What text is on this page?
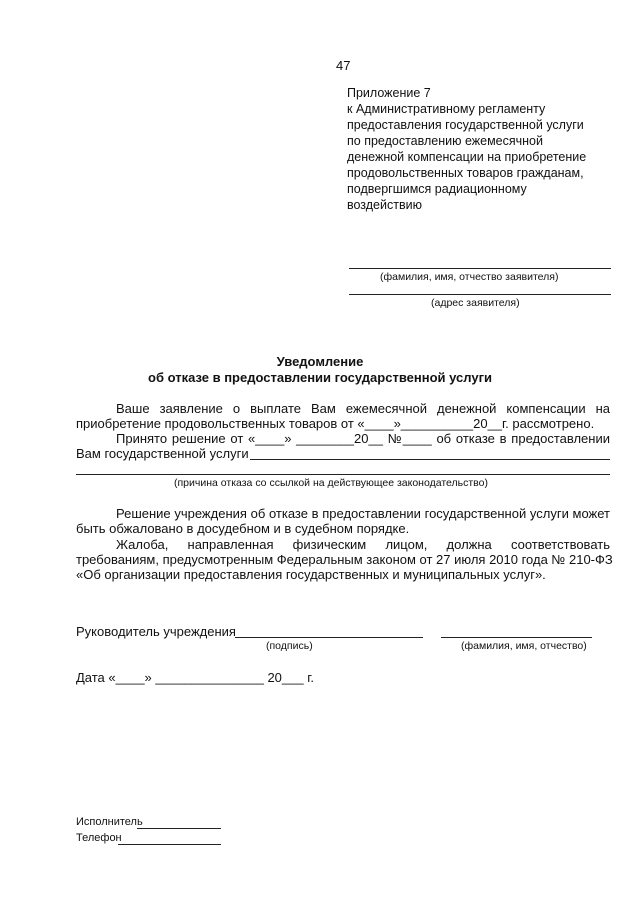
47
Приложение 7
к Административному регламенту
предоставления государственной услуги
по предоставлению ежемесячной
денежной компенсации на приобретение
продовольственных товаров гражданам,
подвергшимся радиационному
воздействию
(фамилия, имя, отчество заявителя)
(адрес заявителя)
Уведомление
об отказе в предоставлении государственной услуги
Ваше заявление о выплате Вам ежемесячной денежной компенсации на
приобретение продовольственных товаров от «____»__________20__г. рассмотрено.
Принято решение от «____» ________20__ №____ об отказе в предоставлении
Вам государственной услуги
(причина отказа со ссылкой на действующее законодательство)
Решение учреждения об отказе в предоставлении государственной услуги может
быть обжаловано в досудебном и в судебном порядке.
Жалоба, направленная физическим лицом, должна соответствовать
требованиям, предусмотренным Федеральным законом от 27 июля 2010 года № 210-ФЗ
«Об организации предоставления государственных и муниципальных услуг».
Руководитель учреждения
(подпись)	(фамилия, имя, отчество)
Дата «____» _______________ 20___ г.
Исполнитель
Телефон
